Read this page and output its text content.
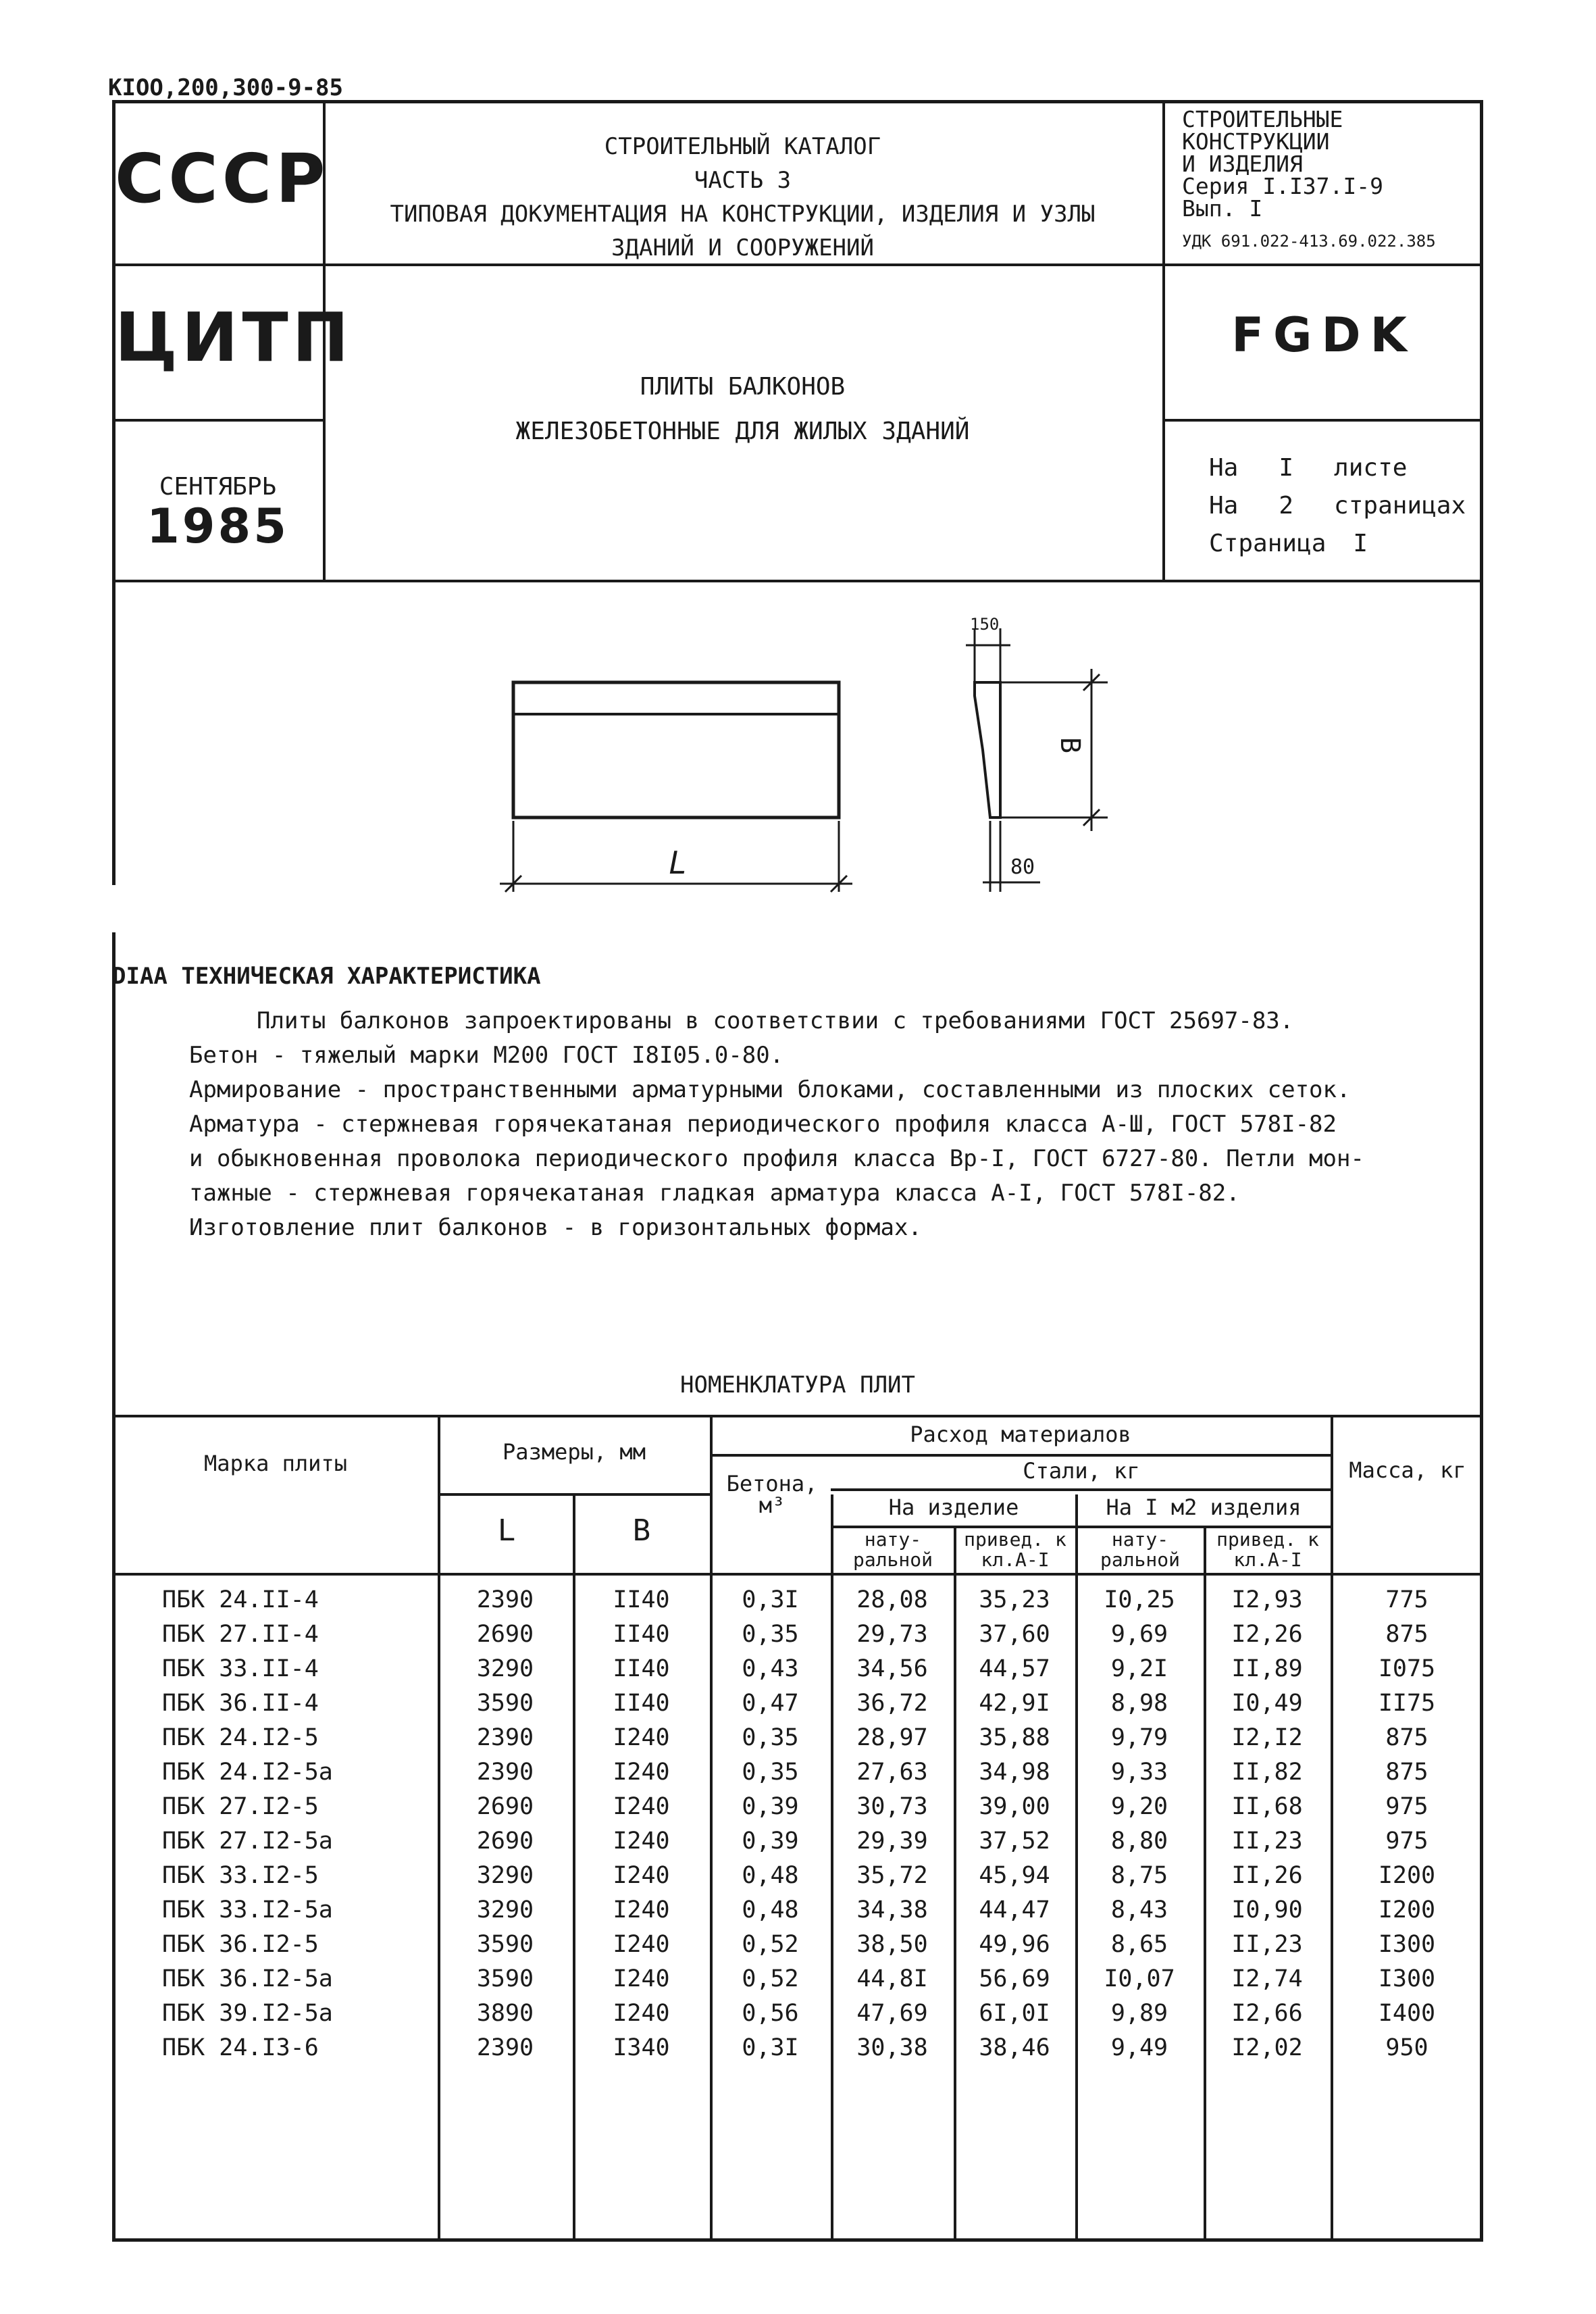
KIOO,200,300-9-85
СССР
ЦИТП
СЕНТЯБРЬ
1985
СТРОИТЕЛЬНЫЙ КАТАЛОГ
ЧАСТЬ 3
ТИПОВАЯ ДОКУМЕНТАЦИЯ НА КОНСТРУКЦИИ, ИЗДЕЛИЯ И УЗЛЫ
ЗДАНИЙ И СООРУЖЕНИЙ
ПЛИТЫ БАЛКОНОВ
ЖЕЛЕЗОБЕТОННЫЕ ДЛЯ ЖИЛЫХ ЗДАНИЙ
СТРОИТЕЛЬНЫЕ
КОНСТРУКЦИИ
И ИЗДЕЛИЯ
Серия I.I37.I-9
Вып. I
УДК 691.022-413.69.022.385
FGDK
На I листе
На 2 страницах
Страница I
L
В
150
80
DIAA ТЕХНИЧЕСКАЯ ХАРАКТЕРИСТИКА
Плиты балконов запроектированы в соответствии с требованиями ГОСТ 25697-83.
Бетон - тяжелый марки М200 ГОСТ I8I05.0-80.
Армирование - пространственными арматурными блоками, составленными из плоских сеток.
Арматура - стержневая горячекатаная периодического профиля класса А-Ш, ГОСТ 578I-82
и обыкновенная проволока периодического профиля класса Вр-I, ГОСТ 6727-80. Петли мон-
тажные - стержневая горячекатаная гладкая арматура класса А-I, ГОСТ 578I-82.
Изготовление плит балконов - в горизонтальных формах.
НОМЕНКЛАТУРА ПЛИТ
Марка плиты	Размеры, мм
L	В
Расход материалов
Бетона, м³
Стали, кг
На изделие	На I м2 изделия
нату- ральной
привед. к кл.А-I
нату- ральной
привед. к кл.А-I
Масса, кг
ПБК 24.II-4	2390	II40	0,3I	28,08	35,23	I0,25	I2,93	775
ПБК 27.II-4	2690	II40	0,35	29,73	37,60	9,69	I2,26	875
ПБК 33.II-4	3290	II40	0,43	34,56	44,57	9,2I	II,89	I075
ПБК 36.II-4	3590	II40	0,47	36,72	42,9I	8,98	I0,49	II75
ПБК 24.I2-5	2390	I240	0,35	28,97	35,88	9,79	I2,I2	875
ПБК 24.I2-5а	2390	I240	0,35	27,63	34,98	9,33	II,82	875
ПБК 27.I2-5	2690	I240	0,39	30,73	39,00	9,20	II,68	975
ПБК 27.I2-5а	2690	I240	0,39	29,39	37,52	8,80	II,23	975
ПБК 33.I2-5	3290	I240	0,48	35,72	45,94	8,75	II,26	I200
ПБК 33.I2-5а	3290	I240	0,48	34,38	44,47	8,43	I0,90	I200
ПБК 36.I2-5	3590	I240	0,52	38,50	49,96	8,65	II,23	I300
ПБК 36.I2-5а	3590	I240	0,52	44,8I	56,69	I0,07	I2,74	I300
ПБК 39.I2-5а	3890	I240	0,56	47,69	6I,0I	9,89	I2,66	I400
ПБК 24.I3-6	2390	I340	0,3I	30,38	38,46	9,49	I2,02	950
